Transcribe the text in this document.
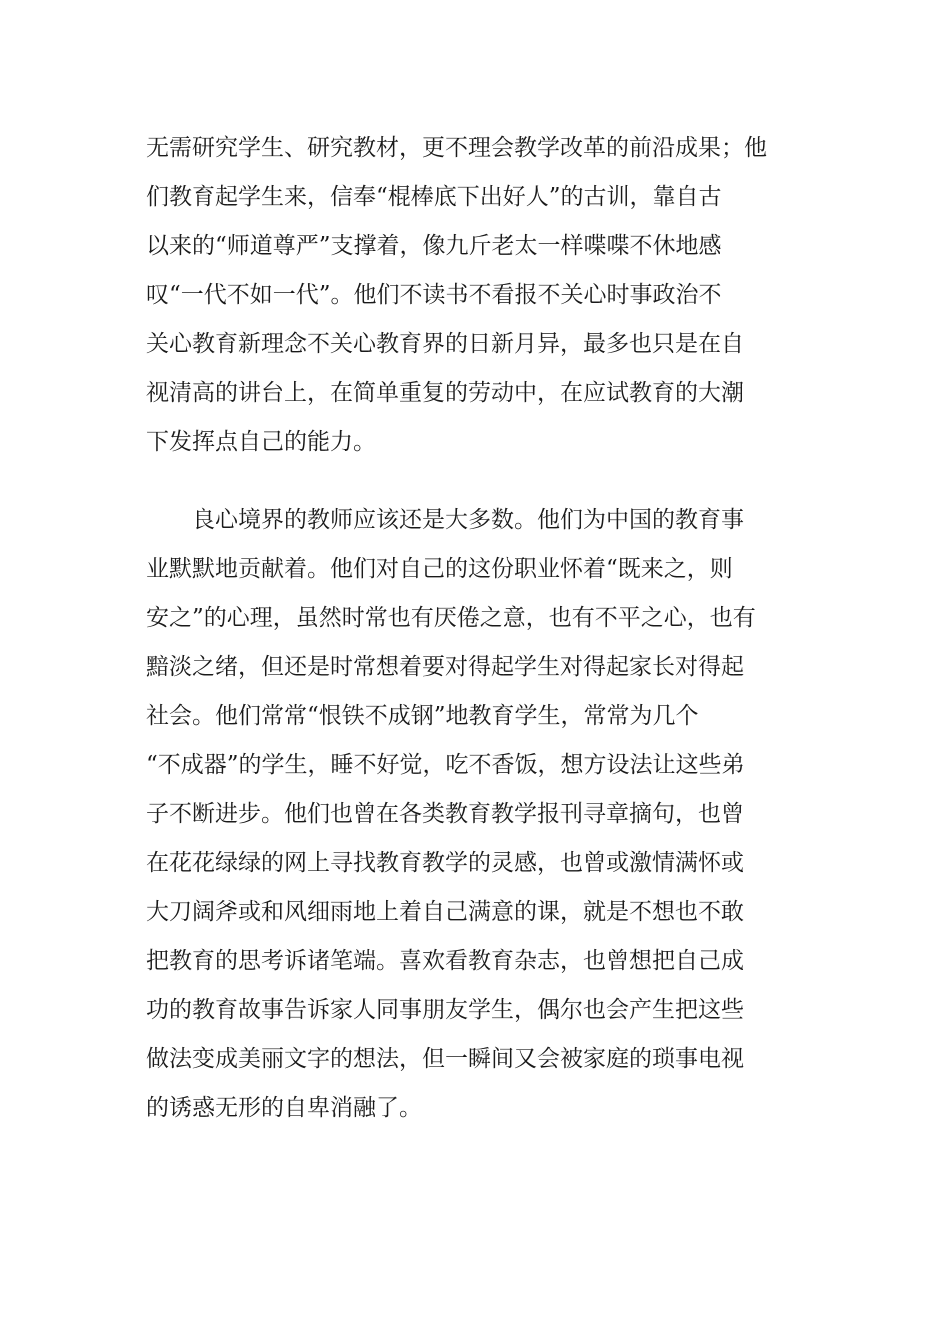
无需研究学生、研究教材，更不理会教学改革的前沿成果；他
们教育起学生来，信奉“棍棒底下出好人”的古训，靠自古
以来的“师道尊严”支撑着，像九斤老太一样喋喋不休地感
叹“一代不如一代”。他们不读书不看报不关心时事政治不
关心教育新理念不关心教育界的日新月异，最多也只是在自
视清高的讲台上，在简单重复的劳动中，在应试教育的大潮
下发挥点自己的能力。
　　良心境界的教师应该还是大多数。他们为中国的教育事
业默默地贡献着。他们对自己的这份职业怀着“既来之，则
安之”的心理，虽然时常也有厌倦之意，也有不平之心，也有
黯淡之绪，但还是时常想着要对得起学生对得起家长对得起
社会。他们常常“恨铁不成钢”地教育学生，常常为几个
“不成器”的学生，睡不好觉，吃不香饭，想方设法让这些弟
子不断进步。他们也曾在各类教育教学报刊寻章摘句，也曾
在花花绿绿的网上寻找教育教学的灵感，也曾或激情满怀或
大刀阔斧或和风细雨地上着自己满意的课，就是不想也不敢
把教育的思考诉诸笔端。喜欢看教育杂志，也曾想把自己成
功的教育故事告诉家人同事朋友学生，偶尔也会产生把这些
做法变成美丽文字的想法，但一瞬间又会被家庭的琐事电视
的诱惑无形的自卑消融了。
